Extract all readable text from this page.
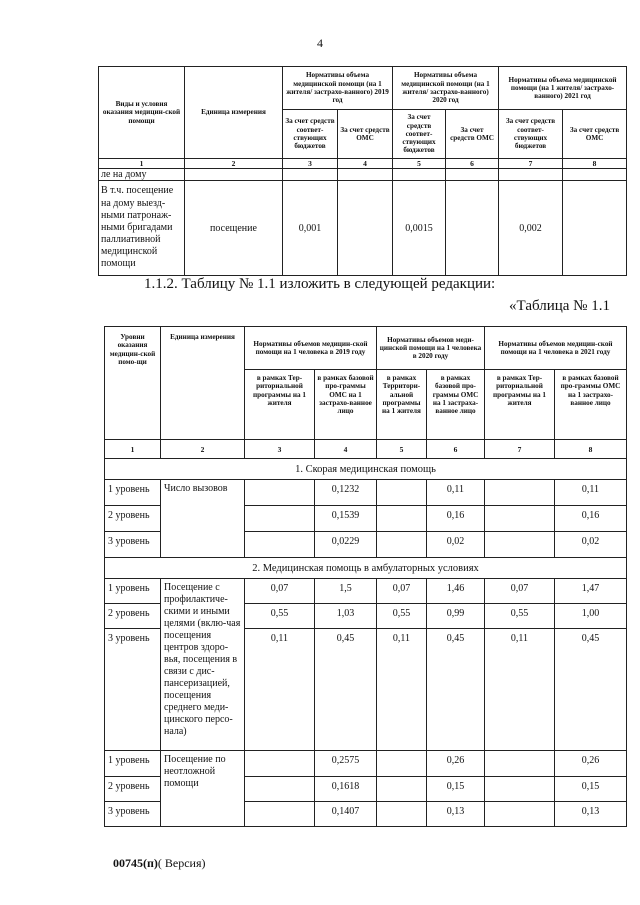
4
Виды и условия оказания медицин-ской помощи	Единица измерения	Нормативы объема медицинской помощи (на 1 жителя/ застрахо-ванного) 2019 год		Нормативы объема медицинской помощи (на 1 жителя/ застрахо-ванного) 2020 год		Нормативы объема медицинской помощи (на 1 жителя/ застрахо-ванного) 2021 год	
		За счет средств соответ-ствующих бюджетов	За счет средств ОМС	За счет средств соответ-ствующих бюджетов	За счет средств ОМС	За счет средств соответ-ствующих бюджетов	За счет средств ОМС
1	2	3	4	5	6	7	8
ле на дому							
В т.ч. посещение на дому выезд-ными патронаж-ными бригадами паллиативной медицинской помощи	посещение	0,001		0,0015		0,002	
1.1.2. Таблицу № 1.1 изложить в следующей редакции:
«Таблица № 1.1
Уровни оказания медицин-ской помо-щи	Единица измерения	Нормативы объемов медицин-ской помощи на 1 человека в 2019 году		Нормативы объемов меди-цинской помощи на 1 человека в 2020 году		Нормативы объемов медицин-ской помощи на 1 человека в 2021 году	
		в рамках Тер-риториальной программы на 1 жителя	в рамках базовой про-граммы ОМС на 1 застрахо-ванное лицо	в рамках Территори-альной программы на 1 жителя	в рамках базовой про-граммы ОМС на 1 застраха-ванное лицо	в рамках Тер-риториальной программы на 1 жителя	в рамках базовой про-граммы ОМС на 1 застрахо-ванное лицо
1	2	3	4	5	6	7	8
1. Скорая медицинская помощь							
1 уровень	Число вызовов		0,1232		0,11		0,11
2 уровень			0,1539		0,16		0,16
3 уровень			0,0229		0,02		0,02
2. Медицинская помощь в амбулаторных условиях							
1 уровень	Посещение с профилактиче-скими и иными целями (вклю-чая посещения центров здоро-вья, посещения в связи с дис-пансеризацией, посещения среднего меди-цинского персо-нала)	0,07	1,5	0,07	1,46	0,07	1,47
2 уровень		0,55	1,03	0,55	0,99	0,55	1,00
3 уровень		0,11	0,45	0,11	0,45	0,11	0,45
1 уровень	Посещение по неотложной помощи		0,2575		0,26		0,26
2 уровень			0,1618		0,15		0,15
3 уровень			0,1407		0,13		0,13
00745(п)( Версия)
